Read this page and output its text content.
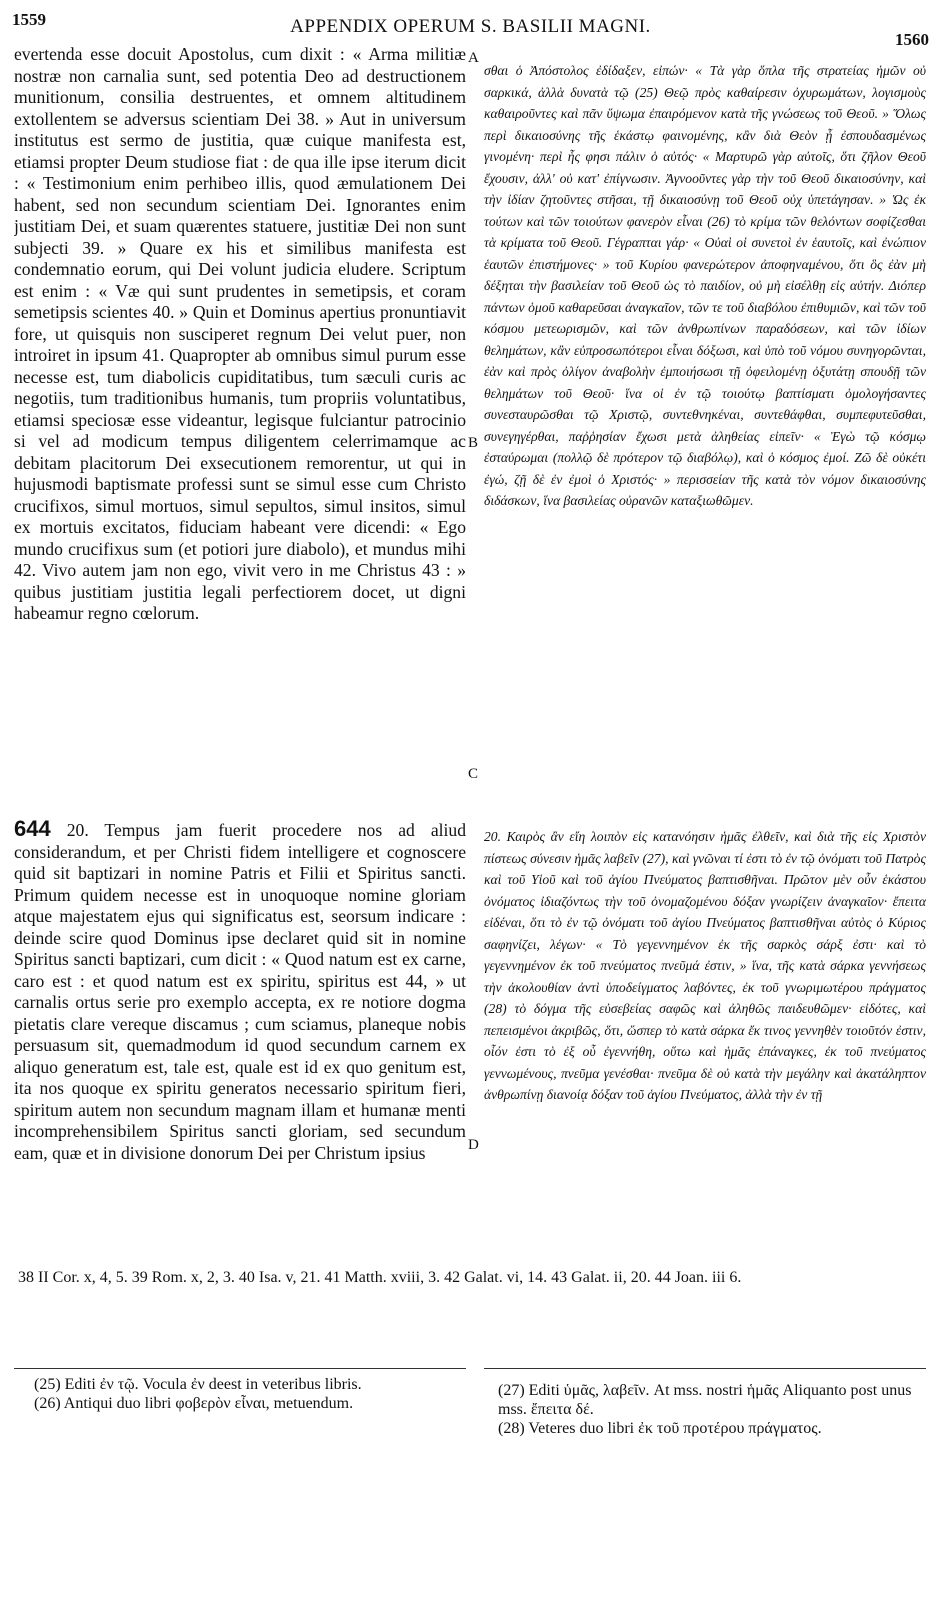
1559	APPENDIX OPERUM S. BASILII MAGNI.
1560

evertenda esse docuit Apostolus, cum dixit : « Arma militiæ nostræ non carnalia sunt, sed potentia Deo ad destructionem munitionum, consilia destruentes, et omnem altitudinem extollentem se adversus scientiam Dei 38. » Aut in universum institutus est sermo de justitia, quæ cuique manifesta est, etiamsi propter Deum studiose fiat : de qua ille ipse iterum dicit : « Testimonium enim perhibeo illis, quod æmulationem Dei habent, sed non secundum scientiam Dei. Ignorantes enim justitiam Dei, et suam quærentes statuere, justitiæ Dei non sunt subjecti 39. » Quare ex his et similibus manifesta est condemnatio eorum, qui Dei volunt judicia eludere. Scriptum est enim : « Væ qui sunt prudentes in semetipsis, et coram semetipsis scientes 40. » Quin et Dominus apertius pronuntiavit fore, ut quisquis non susciperet regnum Dei velut puer, non introiret in ipsum 41. Quapropter ab omnibus simul purum esse necesse est, tum diabolicis cupiditatibus, tum sæculi curis ac negotiis, tum traditionibus humanis, tum propriis voluntatibus, etiamsi speciosæ esse videantur, legisque fulciantur patrocinio si vel ad modicum tempus diligentem celerrimamque ac debitam placitorum Dei exsecutionem remorentur, ut qui in hujusmodi baptismate professi sunt se simul esse cum Christo crucifixos, simul mortuos, simul sepultos, simul insitos, simul ex mortuis excitatos, fiduciam habeant vere dicendi: « Ego mundo crucifixus sum (et potiori jure diabolo), et mundus mihi 42. Vivo autem jam non ego, vivit vero in me Christus 43 : » quibus justitiam justitia legali perfectiorem docet, ut digni habeamur regno cœlorum.

644 20. Tempus jam fuerit procedere nos ad aliud considerandum, et per Christi fidem intelligere et cognoscere quid sit baptizari in nomine Patris et Filii et Spiritus sancti. Primum quidem necesse est in unoquoque nomine gloriam atque majestatem ejus qui significatus est, seorsum indicare : deinde scire quod Dominus ipse declaret quid sit in nomine Spiritus sancti baptizari, cum dicit : « Quod natum est ex carne, caro est : et quod natum est ex spiritu, spiritus est 44, » ut carnalis ortus serie pro exemplo accepta, ex re notiore dogma pietatis clare vereque discamus ; cum sciamus, planeque nobis persuasum sit, quemadmodum id quod secundum carnem ex aliquo generatum est, tale est, quale est id ex quo genitum est, ita nos quoque ex spiritu generatos necessario spiritum fieri, spiritum autem non secundum magnam illam et humanæ menti incomprehensibilem Spiritus sancti gloriam, sed secundum eam, quæ et in divisione donorum Dei per Christum ipsius

A
B
C
D

σθαι ὁ Ἀπόστολος ἐδίδαξεν, εἰπών· « Τὰ γὰρ ὅπλα τῆς στρατείας ἡμῶν οὐ σαρκικά, ἀλλὰ δυνατὰ τῷ (25) Θεῷ πρὸς καθαίρεσιν ὀχυρωμάτων, λογισμοὺς καθαιροῦντες καὶ πᾶν ὕψωμα ἐπαιρόμενον κατὰ τῆς γνώσεως τοῦ Θεοῦ. » Ὅλως περὶ δικαιοσύνης τῆς ἑκάστῳ φαινομένης, κἂν διὰ Θεὸν ᾖ ἐσπουδασμένως γινομένη· περὶ ἧς φησι πάλιν ὁ αὐτός· « Μαρτυρῶ γὰρ αὐτοῖς, ὅτι ζῆλον Θεοῦ ἔχουσιν, ἀλλ' οὐ κατ' ἐπίγνωσιν. Ἀγνοοῦντες γὰρ τὴν τοῦ Θεοῦ δικαιοσύνην, καὶ τὴν ἰδίαν ζητοῦντες στῆσαι, τῇ δικαιοσύνῃ τοῦ Θεοῦ οὐχ ὑπετάγησαν. » Ὡς ἐκ τούτων καὶ τῶν τοιούτων φανερὸν εἶναι (26) τὸ κρίμα τῶν θελόντων σοφίζεσθαι τὰ κρίματα τοῦ Θεοῦ. Γέγραπται γάρ· « Οὐαὶ οἱ συνετοὶ ἐν ἑαυτοῖς, καὶ ἐνώπιον ἑαυτῶν ἐπιστήμονες· » τοῦ Κυρίου φανερώτερον ἀποφηναμένου, ὅτι ὃς ἐὰν μὴ δέξηται τὴν βασιλείαν τοῦ Θεοῦ ὡς τὸ παιδίον, οὐ μὴ εἰσέλθῃ εἰς αὐτήν. Διόπερ πάντων ὁμοῦ καθαρεῦσαι ἀναγκαῖον, τῶν τε τοῦ διαβόλου ἐπιθυμιῶν, καὶ τῶν τοῦ κόσμου μετεωρισμῶν, καὶ τῶν ἀνθρωπίνων παραδόσεων, καὶ τῶν ἰδίων θελημάτων, κἂν εὐπροσωπότεροι εἶναι δόξωσι, καὶ ὑπὸ τοῦ νόμου συνηγορῶνται, ἐὰν καὶ πρὸς ὀλίγον ἀναβολὴν ἐμποιήσωσι τῇ ὀφειλομένῃ ὀξυτάτῃ σπουδῇ τῶν θελημάτων τοῦ Θεοῦ· ἵνα οἱ ἐν τῷ τοιούτῳ βαπτίσματι ὁμολογήσαντες συνεσταυρῶσθαι τῷ Χριστῷ, συντεθνηκέναι, συντεθάφθαι, συμπεφυτεῦσθαι, συνεγηγέρθαι, παῤῥησίαν ἔχωσι μετὰ ἀληθείας εἰπεῖν· « Ἐγὼ τῷ κόσμῳ ἐσταύρωμαι (πολλῷ δὲ πρότερον τῷ διαβόλῳ), καὶ ὁ κόσμος ἐμοί. Ζῶ δὲ οὐκέτι ἐγώ, ζῇ δὲ ἐν ἐμοὶ ὁ Χριστός· » περισσείαν τῆς κατὰ τὸν νόμον δικαιοσύνης διδάσκων, ἵνα βασιλείας οὐρανῶν καταξιωθῶμεν.

20. Καιρὸς ἂν εἴη λοιπὸν εἰς κατανόησιν ἡμᾶς ἐλθεῖν, καὶ διὰ τῆς εἰς Χριστὸν πίστεως σύνεσιν ἡμᾶς λαβεῖν (27), καὶ γνῶναι τί ἐστι τὸ ἐν τῷ ὀνόματι τοῦ Πατρὸς καὶ τοῦ Υἱοῦ καὶ τοῦ ἁγίου Πνεύματος βαπτισθῆναι. Πρῶτον μὲν οὖν ἑκάστου ὀνόματος ἰδιαζόντως τὴν τοῦ ὀνομαζομένου δόξαν γνωρίζειν ἀναγκαῖον· ἔπειτα εἰδέναι, ὅτι τὸ ἐν τῷ ὀνόματι τοῦ ἁγίου Πνεύματος βαπτισθῆναι αὐτὸς ὁ Κύριος σαφηνίζει, λέγων· « Τὸ γεγεννημένον ἐκ τῆς σαρκὸς σάρξ ἐστι· καὶ τὸ γεγεννημένον ἐκ τοῦ πνεύματος πνεῦμά ἐστιν, » ἵνα, τῆς κατὰ σάρκα γεννήσεως τὴν ἀκολουθίαν ἀντὶ ὑποδείγματος λαβόντες, ἐκ τοῦ γνωριμωτέρου πράγματος (28) τὸ δόγμα τῆς εὐσεβείας σαφῶς καὶ ἀληθῶς παιδευθῶμεν· εἰδότες, καὶ πεπεισμένοι ἀκριβῶς, ὅτι, ὥσπερ τὸ κατὰ σάρκα ἔκ τινος γεννηθὲν τοιοῦτόν ἐστιν, οἷόν ἐστι τὸ ἐξ οὗ ἐγεννήθη, οὕτω καὶ ἡμᾶς ἐπάναγκες, ἐκ τοῦ πνεύματος γεννωμένους, πνεῦμα γενέσθαι· πνεῦμα δὲ οὐ κατὰ τὴν μεγάλην καὶ ἀκατάληπτον ἀνθρωπίνῃ διανοίᾳ δόξαν τοῦ ἁγίου Πνεύματος, ἀλλὰ τὴν ἐν τῇ

38 II Cor. x, 4, 5. 39 Rom. x, 2, 3. 40 Isa. v, 21. 41 Matth. xviii, 3. 42 Galat. vi, 14. 43 Galat. ii, 20. 44 Joan. iii 6.
(25) Editi ἐν τῷ. Vocula ἐν deest in veteribus libris.
(26) Antiqui duo libri φοβερὸν εἶναι, metuendum.
(27) Editi ὑμᾶς, λαβεῖν. At mss. nostri ἡμᾶς Aliquanto post unus mss. ἔπειτα δέ.
(28) Veteres duo libri ἐκ τοῦ προτέρου πράγματος.
